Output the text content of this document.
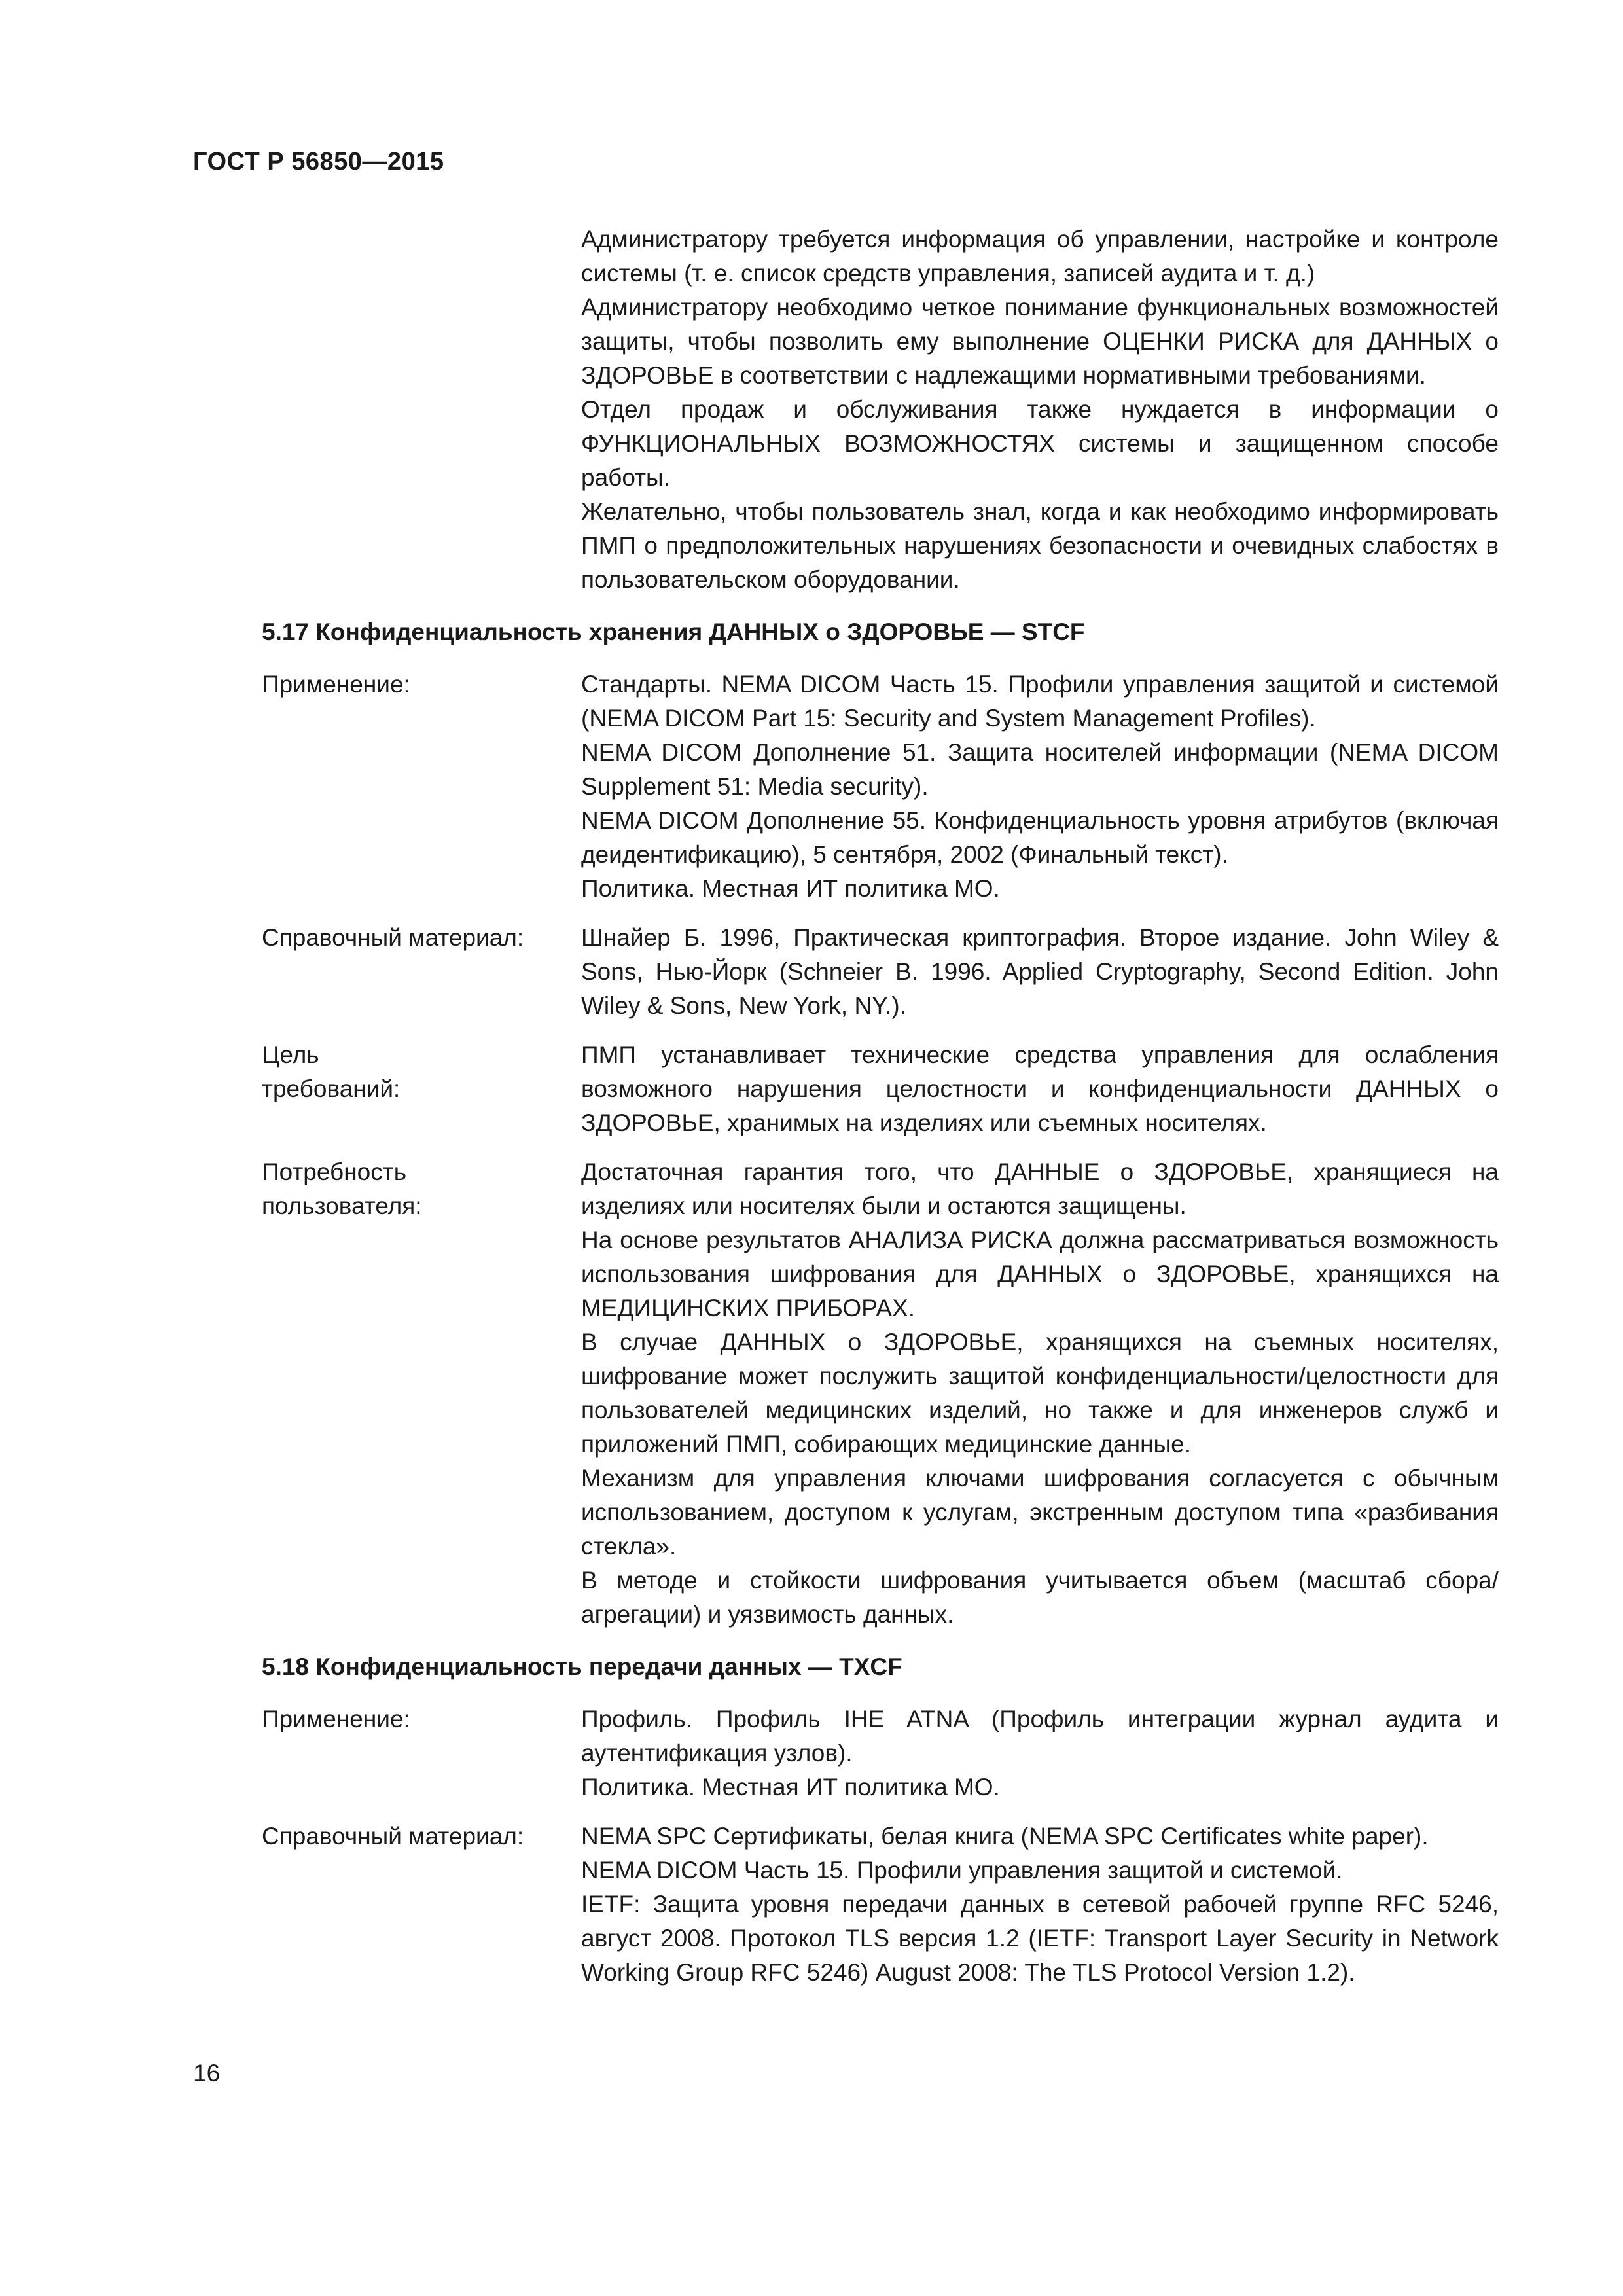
ГОСТ Р 56850—2015

Администратору требуется информация об управлении, настройке и контроле системы (т. е. список средств управления, записей аудита и т. д.)

Администратору необходимо четкое понимание функциональных возможностей защиты, чтобы позволить ему выполнение ОЦЕНКИ РИСКА для ДАННЫХ о ЗДОРОВЬЕ в соответствии с надлежащими нормативными требованиями.

Отдел продаж и обслуживания также нуждается в информации о ФУНКЦИОНАЛЬНЫХ ВОЗМОЖНОСТЯХ системы и защищенном способе работы.

Желательно, чтобы пользователь знал, когда и как необходимо информировать ПМП о предположительных нарушениях безопасности и очевидных слабостях в пользовательском оборудовании.

5.17 Конфиденциальность хранения ДАННЫХ о ЗДОРОВЬЕ — STCF
Применение:	Стандарты. NEMA DICOM Часть 15. Профили управления защитой и системой (NEMA DICOM Part 15: Security and System Management Profiles).

NEMA DICOM Дополнение 51. Защита носителей информации (NEMA DICOM Supplement 51: Media security).

NEMA DICOM Дополнение 55. Конфиденциальность уровня атрибутов (включая деидентификацию), 5 сентября, 2002 (Финальный текст).

Политика. Местная ИТ политика МО.

Справочный материал:	Шнайер Б. 1996, Практическая криптография. Второе издание. John Wiley & Sons, Нью-Йорк (Schneier B. 1996. Applied Cryptography, Second Edition. John Wiley & Sons, New York, NY.).

Цель
требований:

ПМП устанавливает технические средства управления для ослабления возможного нарушения целостности и конфиденциальности ДАННЫХ о ЗДОРОВЬЕ, хранимых на изделиях или съемных носителях.

Потребность
пользователя:

Достаточная гарантия того, что ДАННЫЕ о ЗДОРОВЬЕ, хранящиеся на изделиях или носителях были и остаются защищены.

На основе результатов АНАЛИЗА РИСКА должна рассматриваться возможность использования шифрования для ДАННЫХ о ЗДОРОВЬЕ, хранящихся на МЕДИЦИНСКИХ ПРИБОРАХ.

В случае ДАННЫХ о ЗДОРОВЬЕ, хранящихся на съемных носителях, шифрование может послужить защитой конфиденциальности/целостности для пользователей медицинских изделий, но также и для инженеров служб и приложений ПМП, собирающих медицинские данные.

Механизм для управления ключами шифрования согласуется с обычным использованием, доступом к услугам, экстренным доступом типа «разбивания стекла».

В методе и стойкости шифрования учитывается объем (масштаб сбора/агрегации) и уязвимость данных.

5.18 Конфиденциальность передачи данных — TXCF
Применение:	Профиль. Профиль IHE ATNA (Профиль интеграции журнал аудита и аутентификация узлов).

Политика. Местная ИТ политика МО.

Справочный материал:	NEMA SPC Сертификаты, белая книга (NEMA SPC Certificates white paper).

NEMA DICOM Часть 15. Профили управления защитой и системой.

IETF: Защита уровня передачи данных в сетевой рабочей группе RFC 5246, август 2008. Протокол TLS версия 1.2 (IETF: Transport Layer Security in Network Working Group RFC 5246) August 2008: The TLS Protocol Version 1.2).

16
